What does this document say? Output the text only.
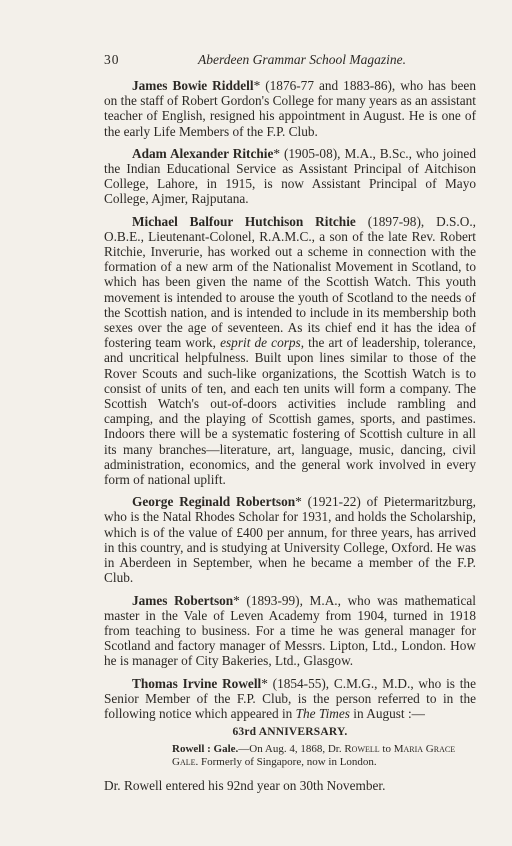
30	Aberdeen Grammar School Magazine.

James Bowie Riddell* (1876-77 and 1883-86), who has been on the staff of Robert Gordon's College for many years as an assistant teacher of English, resigned his appointment in August. He is one of the early Life Members of the F.P. Club.

Adam Alexander Ritchie* (1905-08), M.A., B.Sc., who joined the Indian Educational Service as Assistant Principal of Aitchison College, Lahore, in 1915, is now Assistant Principal of Mayo College, Ajmer, Rajputana.

Michael Balfour Hutchison Ritchie (1897-98), D.S.O., O.B.E., Lieutenant-Colonel, R.A.M.C., a son of the late Rev. Robert Ritchie, Inverurie, has worked out a scheme in connection with the formation of a new arm of the Nationalist Movement in Scotland, to which has been given the name of the Scottish Watch. This youth movement is intended to arouse the youth of Scotland to the needs of the Scottish nation, and is intended to include in its membership both sexes over the age of seventeen. As its chief end it has the idea of fostering team work, esprit de corps, the art of leadership, tolerance, and uncritical helpfulness. Built upon lines similar to those of the Rover Scouts and such-like organizations, the Scottish Watch is to consist of units of ten, and each ten units will form a company. The Scottish Watch's out-of-doors activities include rambling and camping, and the playing of Scottish games, sports, and pastimes. Indoors there will be a systematic fostering of Scottish culture in all its many branches—literature, art, language, music, dancing, civil administration, economics, and the general work involved in every form of national uplift.

George Reginald Robertson* (1921-22) of Pietermaritzburg, who is the Natal Rhodes Scholar for 1931, and holds the Scholarship, which is of the value of £400 per annum, for three years, has arrived in this country, and is studying at University College, Oxford. He was in Aberdeen in September, when he became a member of the F.P. Club.

James Robertson* (1893-99), M.A., who was mathematical master in the Vale of Leven Academy from 1904, turned in 1918 from teaching to business. For a time he was general manager for Scotland and factory manager of Messrs. Lipton, Ltd., London. How he is manager of City Bakeries, Ltd., Glasgow.

Thomas Irvine Rowell* (1854-55), C.M.G., M.D., who is the Senior Member of the F.P. Club, is the person referred to in the following notice which appeared in The Times in August :—

63rd ANNIVERSARY.

Rowell : Gale.—On Aug. 4, 1868, Dr. Rowell to Maria Grace Gale. Formerly of Singapore, now in London.

Dr. Rowell entered his 92nd year on 30th November.
